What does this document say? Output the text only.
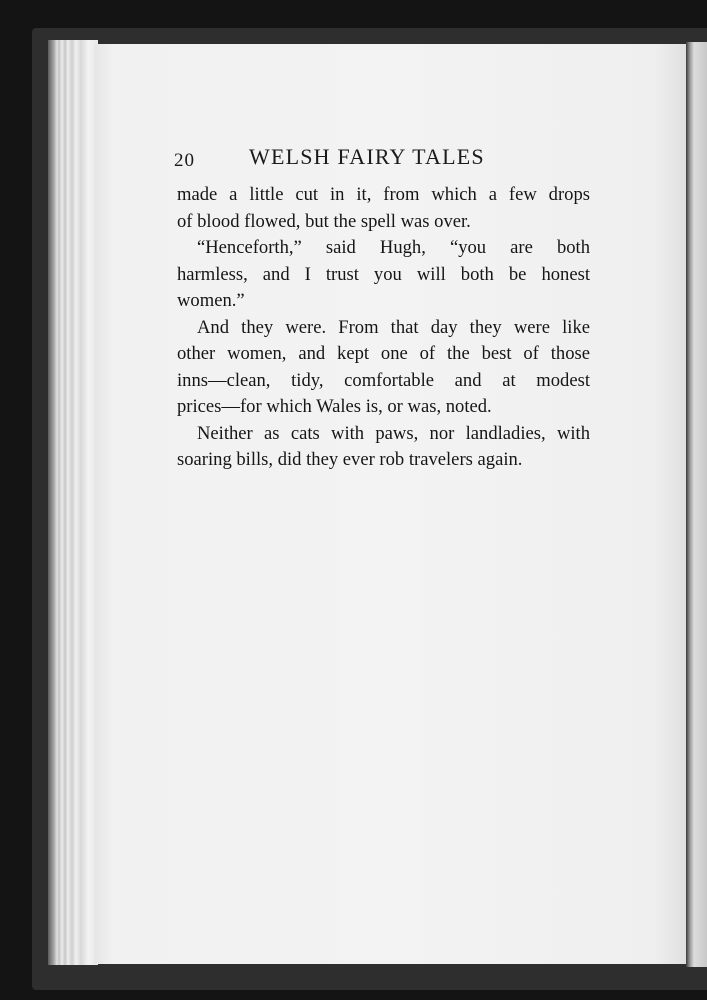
20 WELSH FAIRY TALES

made a little cut in it, from which a few drops
of blood flowed, but the spell was over.

“Henceforth,” said Hugh, “you are both
harmless, and I trust you will both be honest
women.”

And they were. From that day they were like
other women, and kept one of the best of those
inns—clean, tidy, comfortable and at modest
prices—for which Wales is, or was, noted.

Neither as cats with paws, nor landladies, with
soaring bills, did they ever rob travelers again.
